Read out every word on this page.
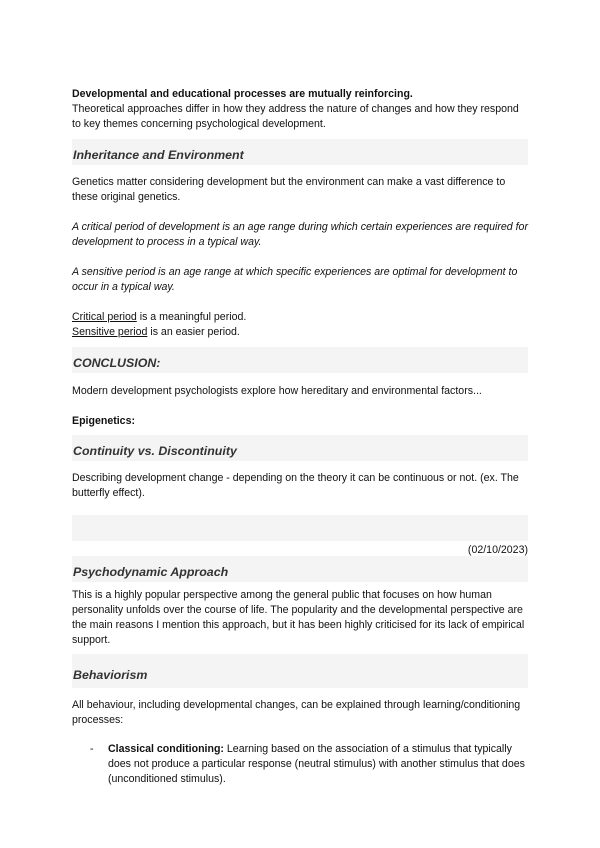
Developmental and educational processes are mutually reinforcing.

Theoretical approaches differ in how they address the nature of changes and how they respond to key themes concerning psychological development.

Inheritance and Environment

Genetics matter considering development but the environment can make a vast difference to these original genetics.

A critical period of development is an age range during which certain experiences are required for development to process in a typical way.

A sensitive period is an age range at which specific experiences are optimal for development to occur in a typical way.

Critical period is a meaningful period.

Sensitive period is an easier period.

CONCLUSION:

Modern development psychologists explore how hereditary and environmental factors...

Epigenetics:

Continuity vs. Discontinuity

Describing development change - depending on the theory it can be continuous or not. (ex. The butterfly effect).

(02/10/2023)

Psychodynamic Approach

This is a highly popular perspective among the general public that focuses on how human personality unfolds over the course of life. The popularity and the developmental perspective are the main reasons I mention this approach, but it has been highly criticised for its lack of empirical support.

Behaviorism

All behaviour, including developmental changes, can be explained through learning/conditioning processes:

- Classical conditioning: Learning based on the association of a stimulus that typically does not produce a particular response (neutral stimulus) with another stimulus that does (unconditioned stimulus).
